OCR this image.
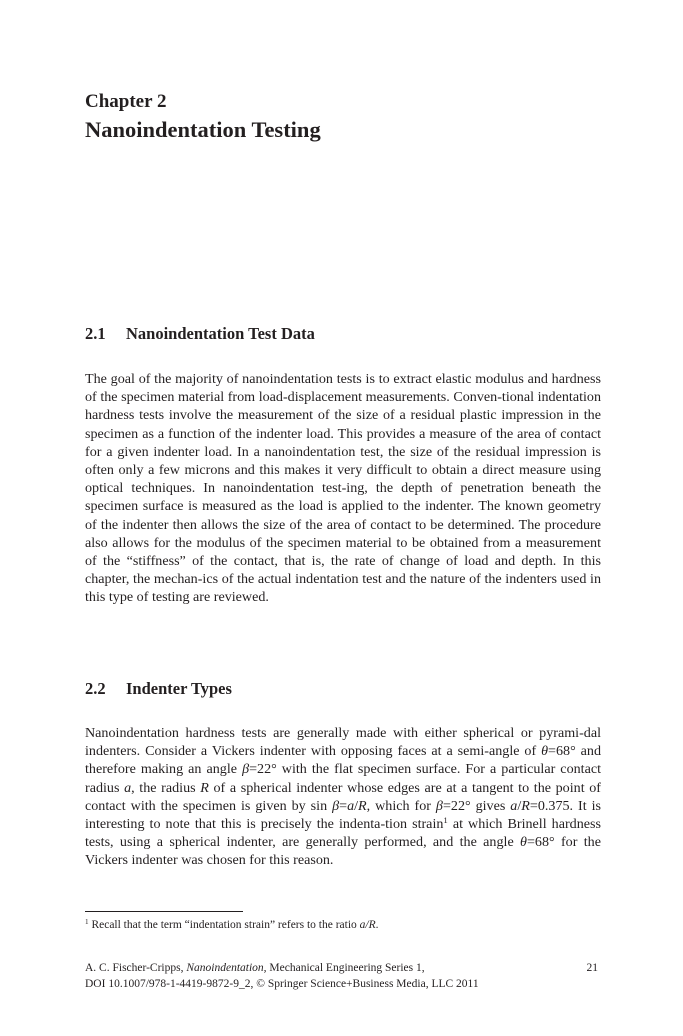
Chapter 2
Nanoindentation Testing
2.1 Nanoindentation Test Data

The goal of the majority of nanoindentation tests is to extract elastic modulus and hardness of the specimen material from load-displacement measurements. Conven-tional indentation hardness tests involve the measurement of the size of a residual plastic impression in the specimen as a function of the indenter load. This provides a measure of the area of contact for a given indenter load. In a nanoindentation test, the size of the residual impression is often only a few microns and this makes it very difficult to obtain a direct measure using optical techniques. In nanoindentation test-ing, the depth of penetration beneath the specimen surface is measured as the load is applied to the indenter. The known geometry of the indenter then allows the size of the area of contact to be determined. The procedure also allows for the modulus of the specimen material to be obtained from a measurement of the “stiffness” of the contact, that is, the rate of change of load and depth. In this chapter, the mechan-ics of the actual indentation test and the nature of the indenters used in this type of testing are reviewed.

2.2 Indenter Types

Nanoindentation hardness tests are generally made with either spherical or pyrami-dal indenters. Consider a Vickers indenter with opposing faces at a semi-angle of θ=68° and therefore making an angle β=22° with the flat specimen surface. For a particular contact radius a, the radius R of a spherical indenter whose edges are at a tangent to the point of contact with the specimen is given by sin β=a/R, which for β=22° gives a/R=0.375. It is interesting to note that this is precisely the indenta-tion strain$^1$ at which Brinell hardness tests, using a spherical indenter, are generally performed, and the angle θ=68° for the Vickers indenter was chosen for this reason.

$^1$ Recall that the term “indentation strain” refers to the ratio a/R.

A. C. Fischer-Cripps, Nanoindentation, Mechanical Engineering Series 1,
DOI 10.1007/978-1-4419-9872-9_2, © Springer Science+Business Media, LLC 2011
21
